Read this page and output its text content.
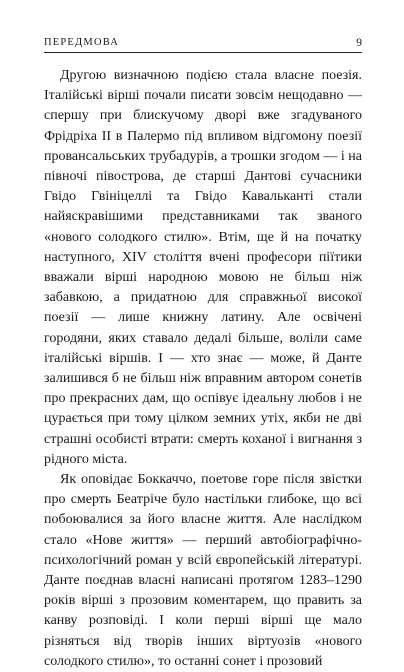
ПЕРЕДМОВА	9

Другою визначною подією стала власне поезія. Італійські вірші почали писати зовсім нещодавно — спершу при блискучому дворі вже згадуваного Фрідріха II в Палермо під впливом відгомону поезії провансальських трубадурів, а трошки згодом — і на півночі півострова, де старші Дантові сучасники Гвідо Гвініцеллі та Гвідо Кавальканті стали найяскравішими представниками так званого «нового солодкого стилю». Втім, ще й на початку наступного, XIV століття вчені професори піїтики вважали вірші народною мовою не більш ніж забавкою, а придатною для справжньої високої поезії — лише книжну латину. Але освічені городяни, яких ставало дедалі більше, воліли саме італійські віршів. І — хто знає — може, й Данте залишився б не більш ніж вправним автором сонетів про прекрасних дам, що оспівує ідеальну любов і не цурається при тому цілком земних утіх, якби не дві страшні особисті втрати: смерть коханої і вигнання з рідного міста.

Як оповідає Боккаччо, поетове горе після звістки про смерть Беатріче було настільки глибоке, що всі побоювалися за його власне життя. Але наслідком стало «Нове життя» — перший автобіографічно-психологічний роман у всій європейській літературі. Данте поєднав власні написані протягом 1283–1290 років вірші з прозовим коментарем, що править за канву розповіді. І коли перші вірші ще мало різняться від творів інших віртуозів «нового солодкого стилю», то останні сонет і прозовий
